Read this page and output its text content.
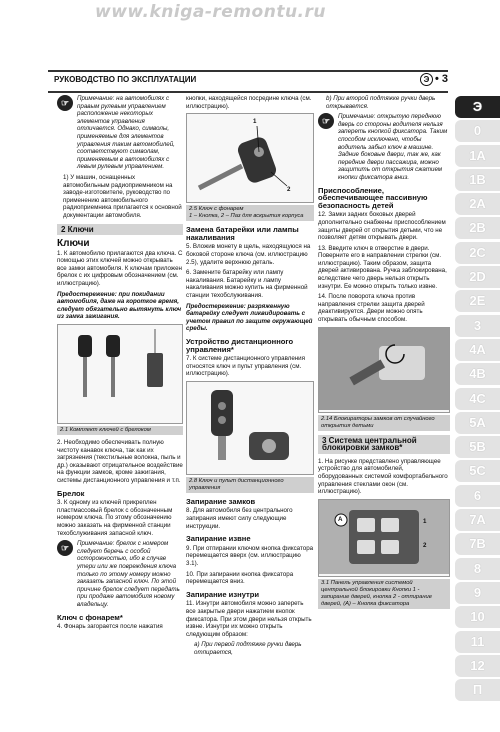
www.kniga-remontu.ru
РУКОВОДСТВО ПО ЭКСПЛУАТАЦИИ	Э • 3
☞	Примечание: на автомобилях с правым рулевым управлением расположение некоторых элементов управления отличается. Однако, символы, применяемые для элементов управления таким автомобилей, соответствуют символам, применяемым в автомобилях с левым рулевым управлением.

1) У машин, оснащенных автомобильным радиоприемником на заводе-изготовителе, руководство по применению автомобильного радиоприемника прилагается к основной документации автомобиля.

2 Ключи
Ключи

1. К автомобилю прилагаются два ключа. С помощью этих ключей можно открывать все замки автомобиля. К ключам приложен брелок с их цифровым обозначением (см. иллюстрацию).

Предостережение: при покидании автомобиля, даже на короткое время, следует обязательно вытянуть ключ из замка зажигания.

2.1 Комплект ключей с брелоком

2. Необходимо обеспечивать полную чистоту канавок ключа, так как их загрязнения (текстильные волокна, пыль и др.) оказывают отрицательное воздействие на функции замков, кроме зажигания, системы дистанционного управления и т.п.

Брелок

3. К одному из ключей прикреплен пластмассовый брелок с обозначенным номером ключа. По этому обозначению можно заказать на фирменной станции техобслуживания запасной ключ.

☞	Примечание: брелок с номером следует беречь с особой осторожностью, ибо в случае утери или же повреждения ключа только по этому номеру можно заказать запасной ключ. По этой причине брелок следует передать при продаже автомобиля новому владельцу.
Ключ с фонарем*

4. Фонарь загорается после нажатия

кнопки, находящейся посредине ключа (см. иллюстрацию).

1
2
2.5 Ключ с фонарем
1 – Кнопка, 2 – Паз для вскрытия корпуса
Замена батарейки или лампы накаливания

5. Вложив монету в щель, находящуюся на боковой стороне ключа (см. иллюстрацию 2.5), удалите верхнюю деталь.

6. Замените батарейку или лампу накаливания. Батарейку и лампу накаливания можно купить на фирменной станции техобслуживания.

Предостережение: разряженную батарейку следует ликвидировать с учетом правил по защите окружающей среды.

Устройство дистанционного управления*

7. К системе дистанционного управления относятся ключ и пульт управления (см. иллюстрацию).

2.8 Ключ и пульт дистанционного управления
Запирание замков

8. Для автомобиля без центрального запирания имеют силу следующие инструкции.

Запирание извне

9. При отпирании ключом кнопка фиксатора перемещается вверх (см. иллюстрацию 3.1).

10. При запирании кнопка фиксатора перемещается вниз.

Запирание изнутри

11. Изнутри автомобиля можно запереть все закрытые двери нажатием кнопок фиксатора. При этом двери нельзя открыть извне. Изнутри их можно открыть следующим образом:

a) При первой подтяжке ручки дверь отпирается,

b) При второй подтяжке ручки дверь открывается.

☞	Примечание: открытую переднюю дверь со стороны водителя нельзя запереть кнопкой фиксатора. Таким способом исключено, чтобы водитель забыл ключ в машине. Задние боковые двери, так же, как передние двери пассажира, можно защитить от открытия сжатием кнопки фиксатора вниз.
Приспособление, обеспечивающее пассивную безопасность детей

12. Замки задних боковых дверей дополнительно снабжены приспособлением защиты дверей от открытия детьми, что не позволяет детям открывать двери.

13. Введите ключ в отверстие в двери. Поверните его в направлении стрелки (см. иллюстрацию). Таким образом, защита дверей активирована. Ручка заблокирована, вследствие чего дверь нельзя открыть изнутри. Ее можно открыть только извне.

14. После поворота ключа против направления стрелки защита дверей деактивируется. Двери можно опять открывать обычным способом.

2.14 Блокираторы замков от случайного открытия детьми
3 Система центральной блокировки замков*

1. На рисунке представлено управляющее устройство для автомобилей, оборудованных системой комфортабельного управления стеклами окон (см. иллюстрацию).

A	1
2
3.1 Панель управления системой центральной блокировки Кнопки 1 - запирание дверей, кнопка 2 - отпирание дверей, (A) – Кнопка фиксатора
Э
0
1A
1B
2A
2B
2C
2D
2E
3
4A
4B
4C
5A
5B
5C
6
7A
7B
8
9
10
11
12
П
